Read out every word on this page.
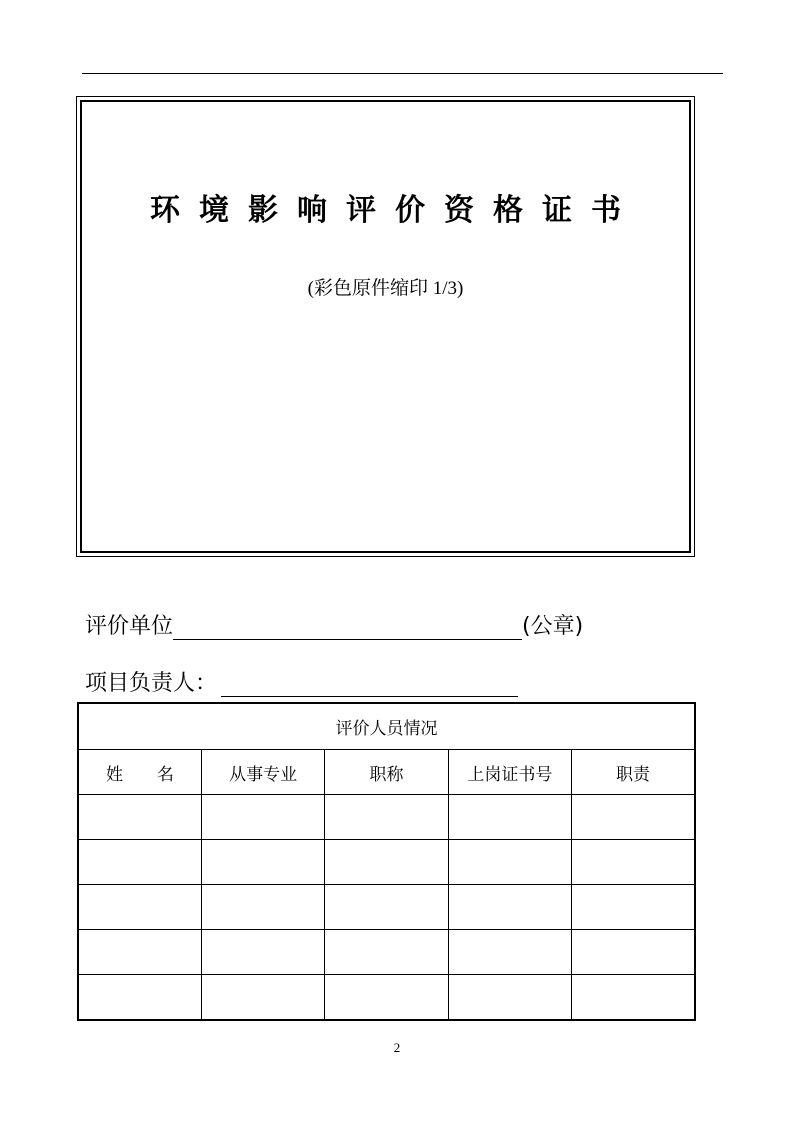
环境影响评价资格证书
(彩色原件缩印 1/3)
评价单位	(公章)
项目负责人：
评价人员情况				
姓　　名	从事专业	职称	上岗证书号	职责

2
